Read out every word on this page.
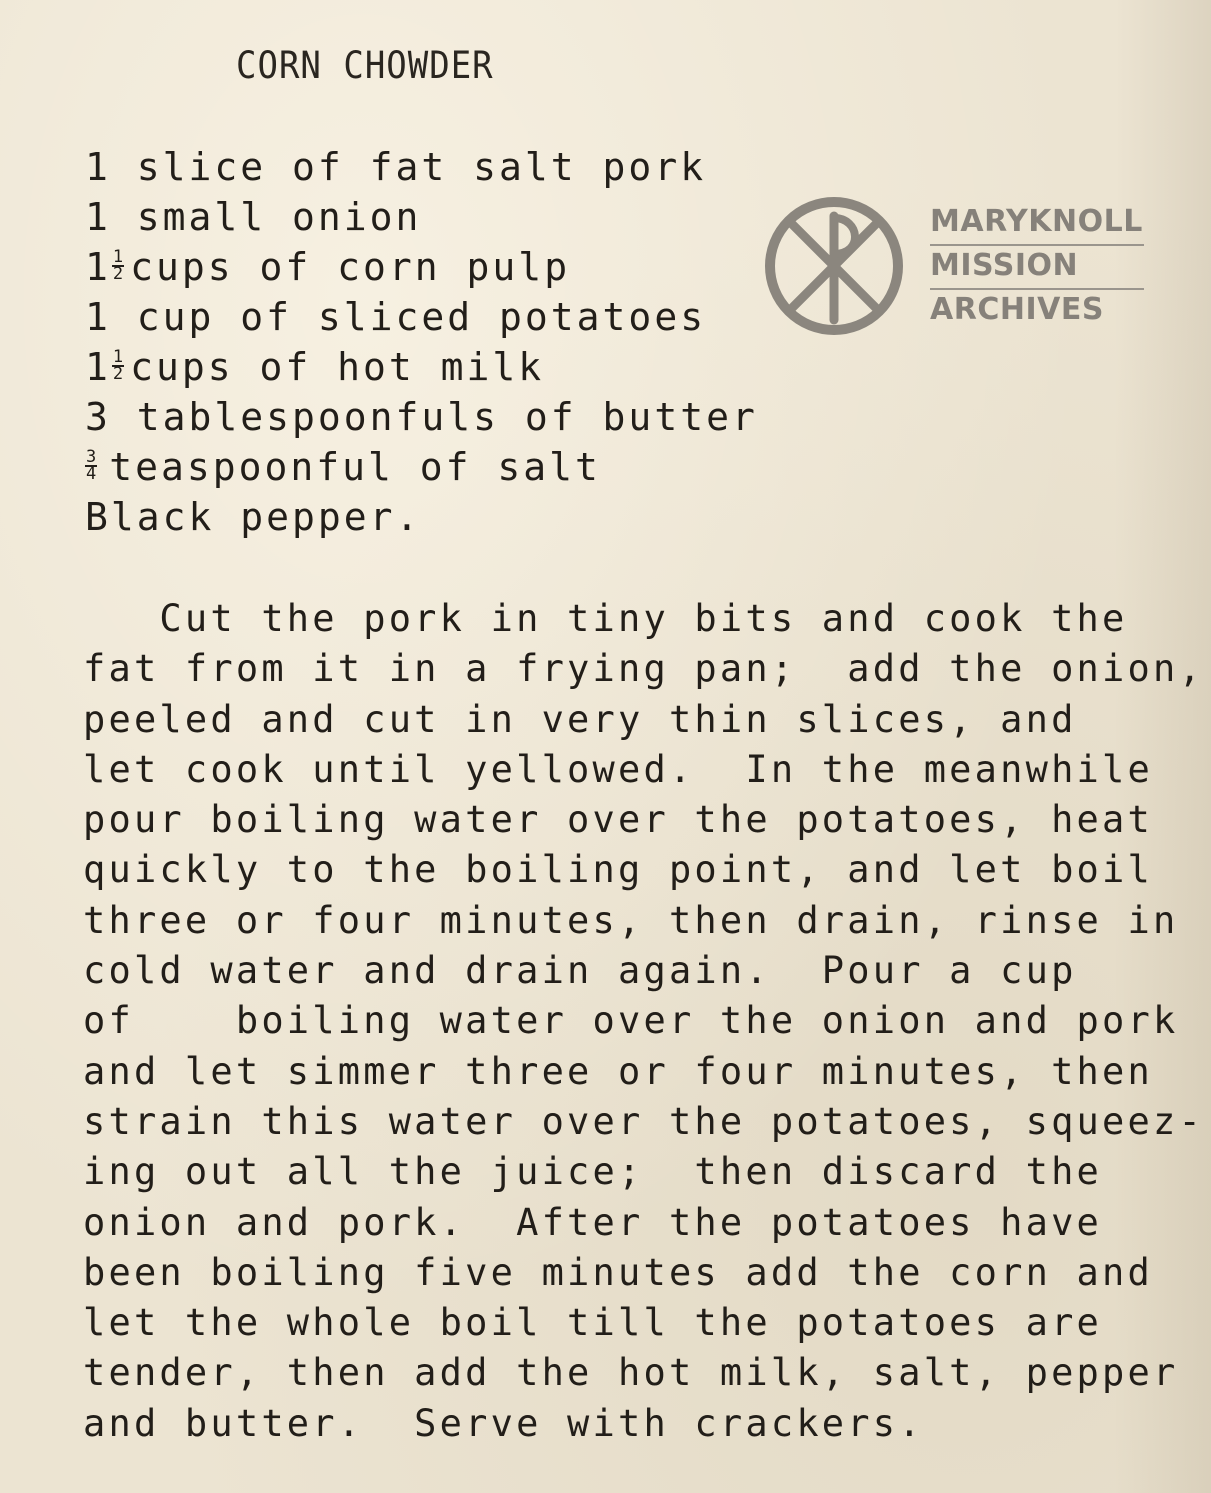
CORN CHOWDER
1 slice of fat salt pork
1 small onion
$1 \frac{1}{2}$ cups of corn pulp
1 cup of sliced potatoes
$1 \frac{1}{2}$ cups of hot milk
3 tablespoonfuls of butter
$\frac{3}{4}$ teaspoonful of salt
Black pepper.
Cut the pork in tiny bits and cook the
fat from it in a frying pan;  add the onion,
peeled and cut in very thin slices, and
let cook until yellowed.  In the meanwhile
pour boiling water over the potatoes, heat
quickly to the boiling point, and let boil
three or four minutes, then drain, rinse in
cold water and drain again.  Pour a cup
of    boiling water over the onion and pork
and let simmer three or four minutes, then
strain this water over the potatoes, squeez-
ing out all the juice;  then discard the
onion and pork.  After the potatoes have
been boiling five minutes add the corn and
let the whole boil till the potatoes are
tender, then add the hot milk, salt, pepper
and butter.  Serve with crackers.
MARYKNOLL
MISSION
ARCHIVES
